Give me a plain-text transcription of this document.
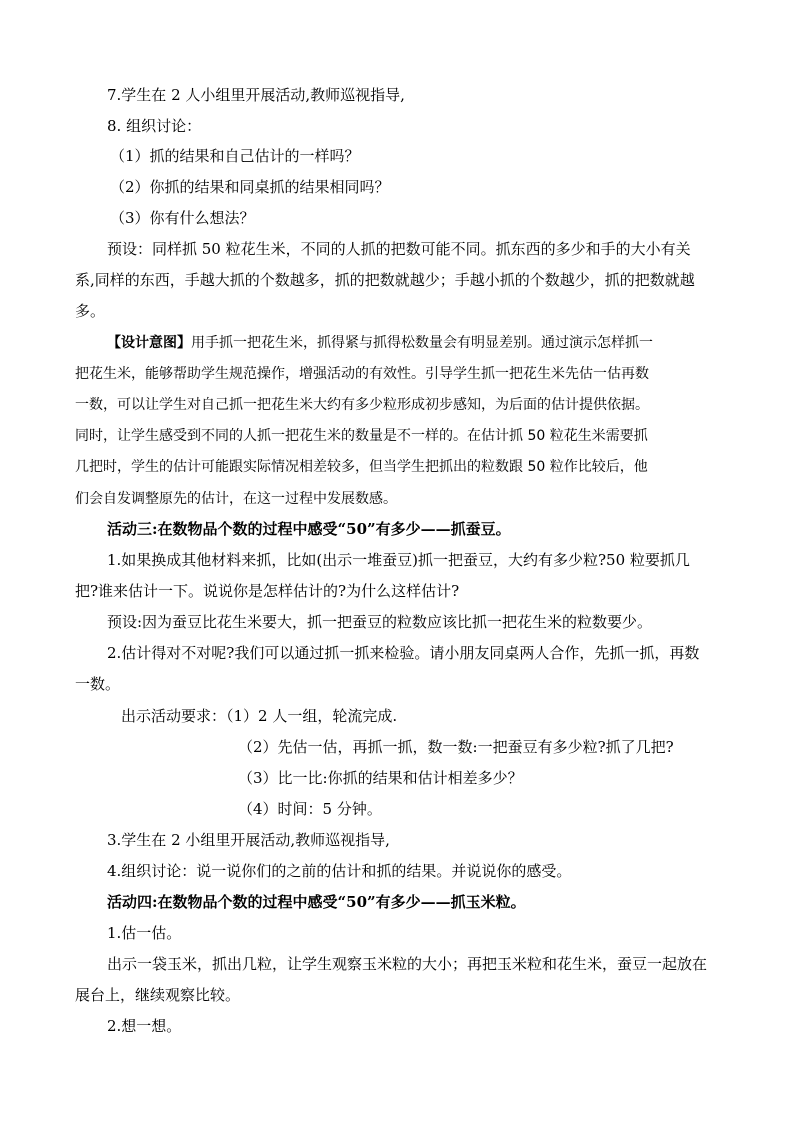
7.学生在 2 人小组里开展活动,教师巡视指导,
8. 组织讨论：
（1）抓的结果和自己估计的一样吗？
（2）你抓的结果和同桌抓的结果相同吗？
（3）你有什么想法？
预设：同样抓 50 粒花生米，不同的人抓的把数可能不同。抓东西的多少和手的大小有关
系,同样的东西，手越大抓的个数越多，抓的把数就越少；手越小抓的个数越少，抓的把数就越
多。
【设计意图】用手抓一把花生米，抓得紧与抓得松数量会有明显差别。通过演示怎样抓一
把花生米，能够帮助学生规范操作，增强活动的有效性。引导学生抓一把花生米先估一估再数
一数，可以让学生对自己抓一把花生米大约有多少粒形成初步感知，为后面的估计提供依据。
同时，让学生感受到不同的人抓一把花生米的数量是不一样的。在估计抓 50 粒花生米需要抓
几把时，学生的估计可能跟实际情况相差较多，但当学生把抓出的粒数跟 50 粒作比较后，他
们会自发调整原先的估计，在这一过程中发展数感。
活动三:在数物品个数的过程中感受“50”有多少——抓蚕豆。
1.如果换成其他材料来抓，比如(出示一堆蚕豆)抓一把蚕豆，大约有多少粒?50 粒要抓几
把?谁来估计一下。说说你是怎样估计的?为什么这样估计?
预设:因为蚕豆比花生米要大，抓一把蚕豆的粒数应该比抓一把花生米的粒数要少。
2.估计得对不对呢?我们可以通过抓一抓来检验。请小朋友同桌两人合作，先抓一抓，再数
一数。
出示活动要求：（1）2 人一组，轮流完成.
（2）先估一估，再抓一抓，数一数:一把蚕豆有多少粒?抓了几把?
（3）比一比:你抓的结果和估计相差多少？
（4）时间：5 分钟。
3.学生在 2 小组里开展活动,教师巡视指导,
4.组织讨论：说一说你们的之前的估计和抓的结果。并说说你的感受。
活动四:在数物品个数的过程中感受“50”有多少——抓玉米粒。
1.估一估。
出示一袋玉米，抓出几粒，让学生观察玉米粒的大小；再把玉米粒和花生米，蚕豆一起放在
展台上，继续观察比较。
2.想一想。
